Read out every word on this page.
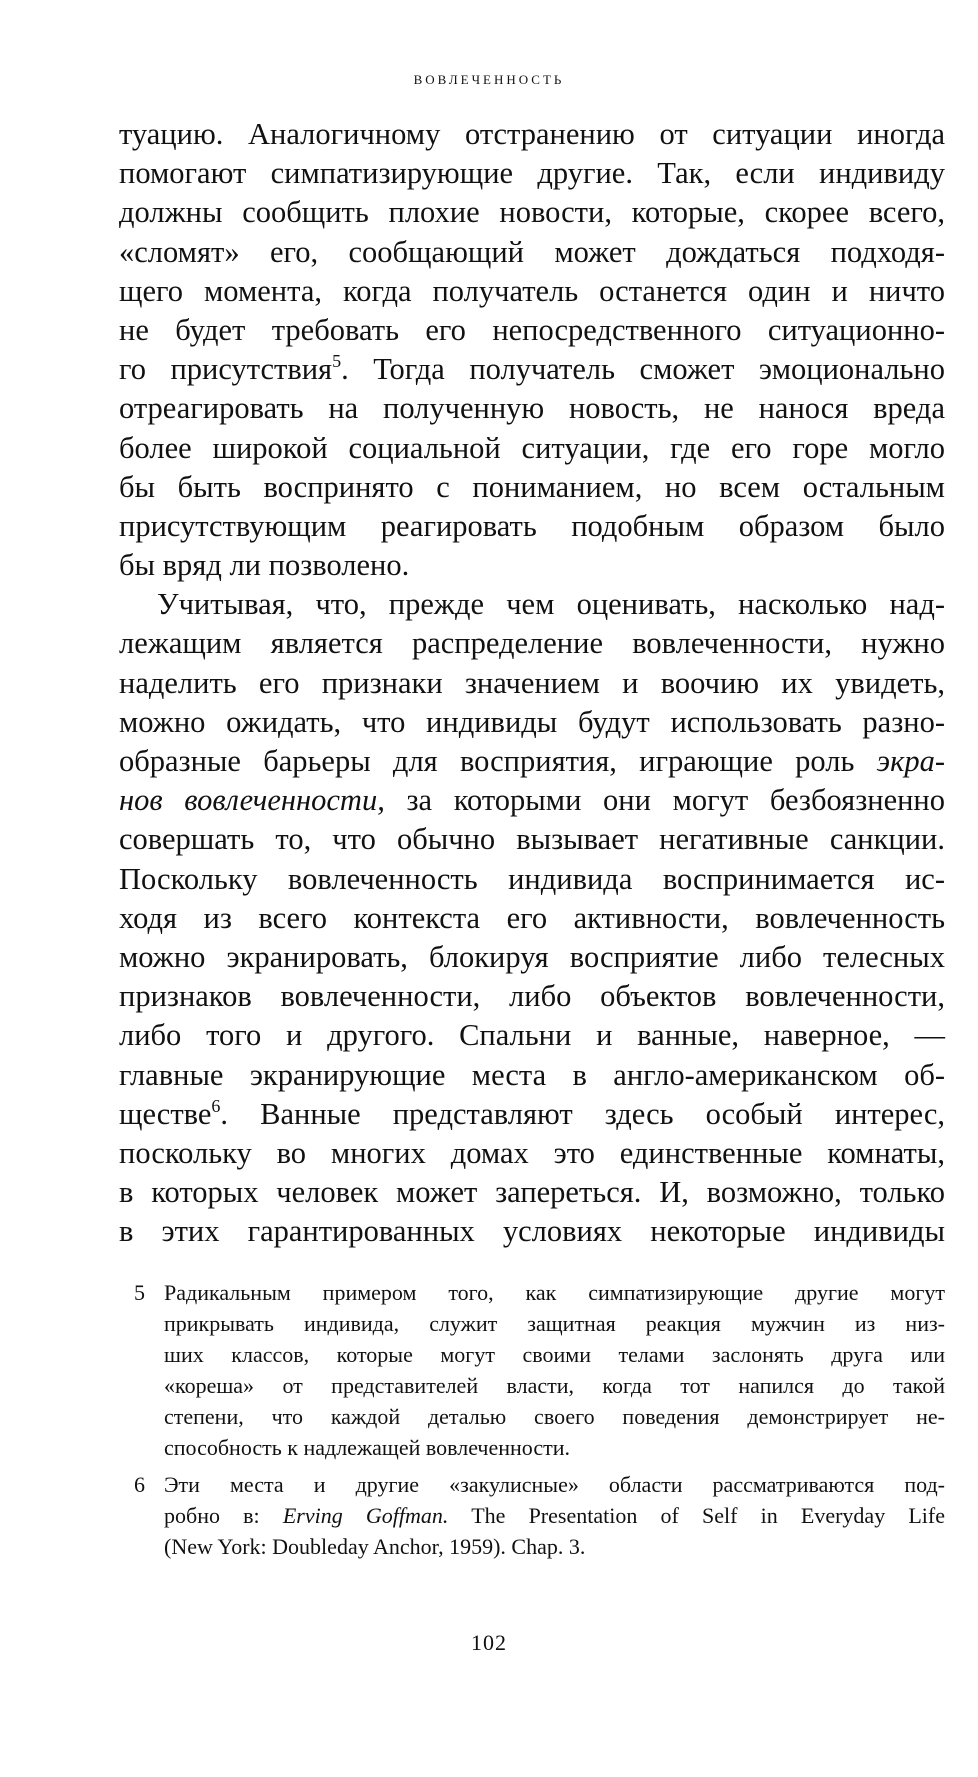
вовлеченность
туацию. Аналогичному отстранению от ситуации иногда
помогают симпатизирующие другие. Так, если индивиду
должны сообщить плохие новости, которые, скорее всего,
«сломят» его, сообщающий может дождаться подходя-
щего момента, когда получатель останется один и ничто
не будет требовать его непосредственного ситуационно-
го присутствия$^5$. Тогда получатель сможет эмоционально
отреагировать на полученную новость, не нанося вреда
более широкой социальной ситуации, где его горе могло
бы быть воспринято с пониманием, но всем остальным
присутствующим реагировать подобным образом было
бы вряд ли позволено.
Учитывая, что, прежде чем оценивать, насколько над-
лежащим является распределение вовлеченности, нужно
наделить его признаки значением и воочию их увидеть,
можно ожидать, что индивиды будут использовать разно-
образные барьеры для восприятия, играющие роль экра-
нов вовлеченности, за которыми они могут безбоязненно
совершать то, что обычно вызывает негативные санкции.
Поскольку вовлеченность индивида воспринимается ис-
ходя из всего контекста его активности, вовлеченность
можно экранировать, блокируя восприятие либо телесных
признаков вовлеченности, либо объектов вовлеченности,
либо того и другого. Спальни и ванные, наверное, —
главные экранирующие места в англо-американском об-
ществе$^6$. Ванные представляют здесь особый интерес,
поскольку во многих домах это единственные комнаты,
в которых человек может запереться. И, возможно, только
в этих гарантированных условиях некоторые индивиды
5 Радикальным примером того, как симпатизирующие другие могут
прикрывать индивида, служит защитная реакция мужчин из низ-
ших классов, которые могут своими телами заслонять друга или
«кореша» от представителей власти, когда тот напился до такой
степени, что каждой деталью своего поведения демонстрирует не-
способность к надлежащей вовлеченности.
6 Эти места и другие «закулисные» области рассматриваются под-
робно в: Erving Goffman. The Presentation of Self in Everyday Life
(New York: Doubleday Anchor, 1959). Chap. 3.
102
